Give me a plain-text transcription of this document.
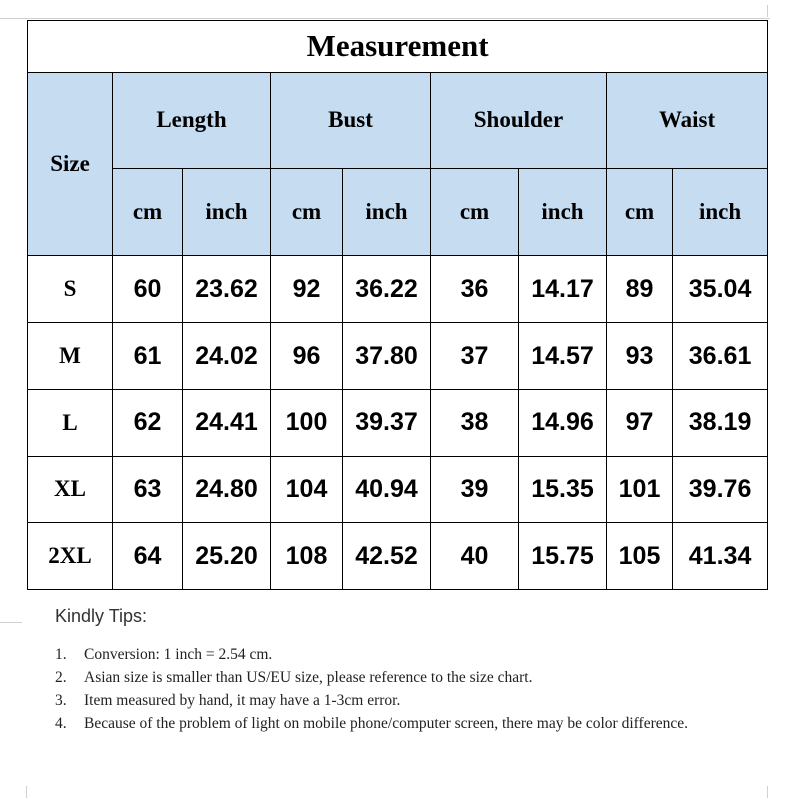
Measurement								
Size	Length		Bust		Shoulder		Waist	
	cm	inch	cm	inch	cm	inch	cm	inch
S	60	23.62	92	36.22	36	14.17	89	35.04
M	61	24.02	96	37.80	37	14.57	93	36.61
L	62	24.41	100	39.37	38	14.96	97	38.19
XL	63	24.80	104	40.94	39	15.35	101	39.76
2XL	64	25.20	108	42.52	40	15.75	105	41.34
Kindly Tips:
1.	Conversion: 1 inch = 2.54 cm.
2.	Asian size is smaller than US/EU size, please reference to the size chart.
3.	Item measured by hand, it may have a 1-3cm error.
4.	Because of the problem of light on mobile phone/computer screen, there may be color difference.
